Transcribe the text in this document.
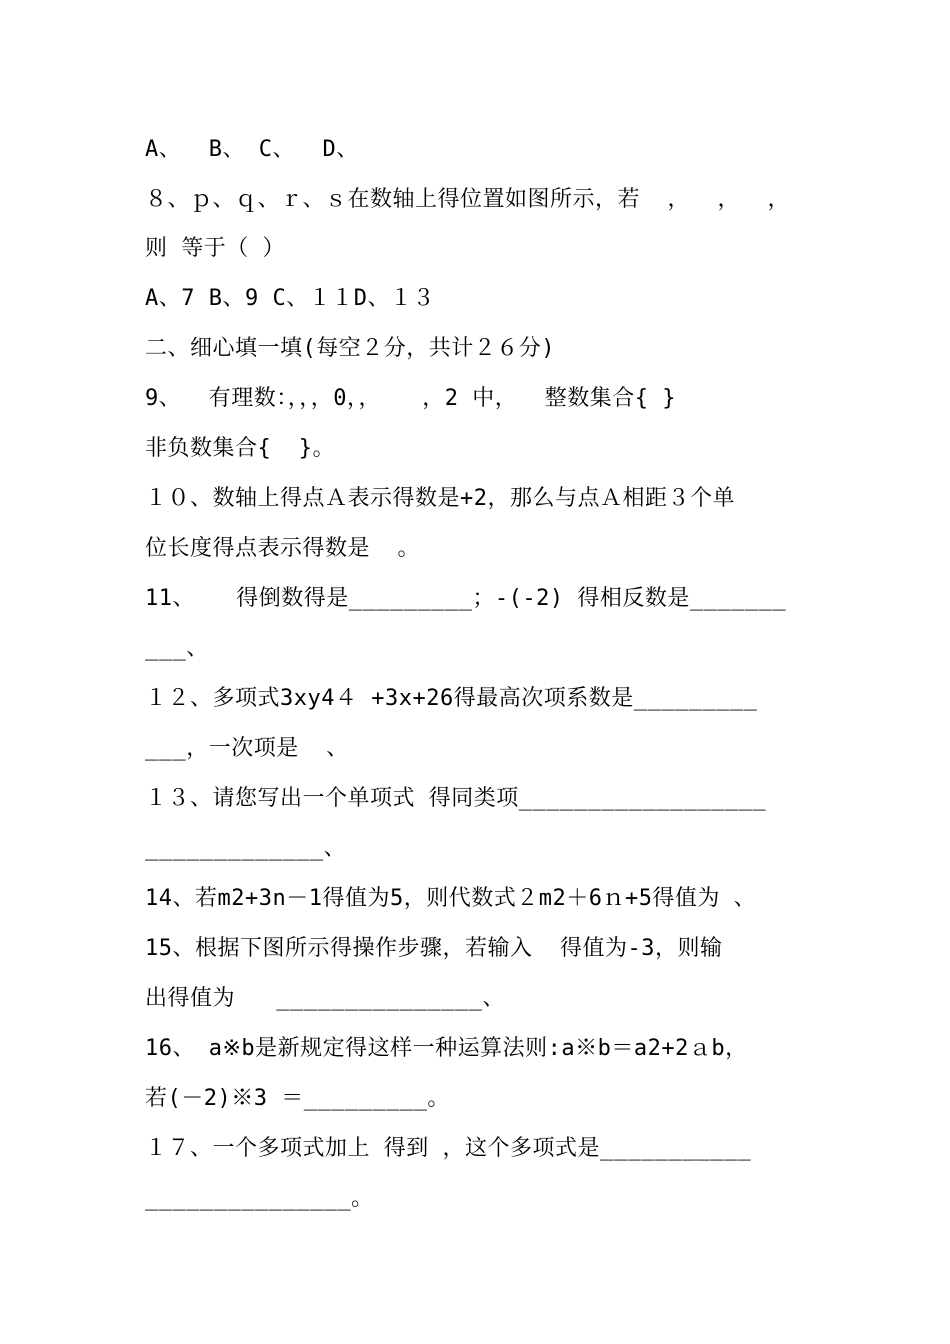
A、  B、 C、  D、
８、ｐ、ｑ、ｒ、ｓ在数轴上得位置如图所示，若  ，  ，  ，
则 等于（ ）
A、7 B、9 C、１１D、１３
二、细心填一填(每空２分，共计２６分)
9、  有理数：，，，0，，   ，2 中，  整数集合{ }
非负数集合{  }。
１０、数轴上得点Ａ表示得数是+2，那么与点Ａ相距３个单
位长度得点表示得数是  。
11、   得倒数得是_________；-(-2) 得相反数是_______
___、
１２、多项式3xy4４ +3x+26得最高次项系数是_________
___，一次项是  、
１３、请您写出一个单项式 得同类项__________________
_____________、
14、若m2+3n－1得值为5，则代数式２m2＋6ｎ+5得值为 、
15、根据下图所示得操作步骤，若输入  得值为-3，则输
出得值为   _______________、
16、 a※b是新规定得这样一种运算法则:a※b＝a2+2ａb，
若(－2)※3 ＝_________。
１７、一个多项式加上 得到 ，这个多项式是___________
_______________。
